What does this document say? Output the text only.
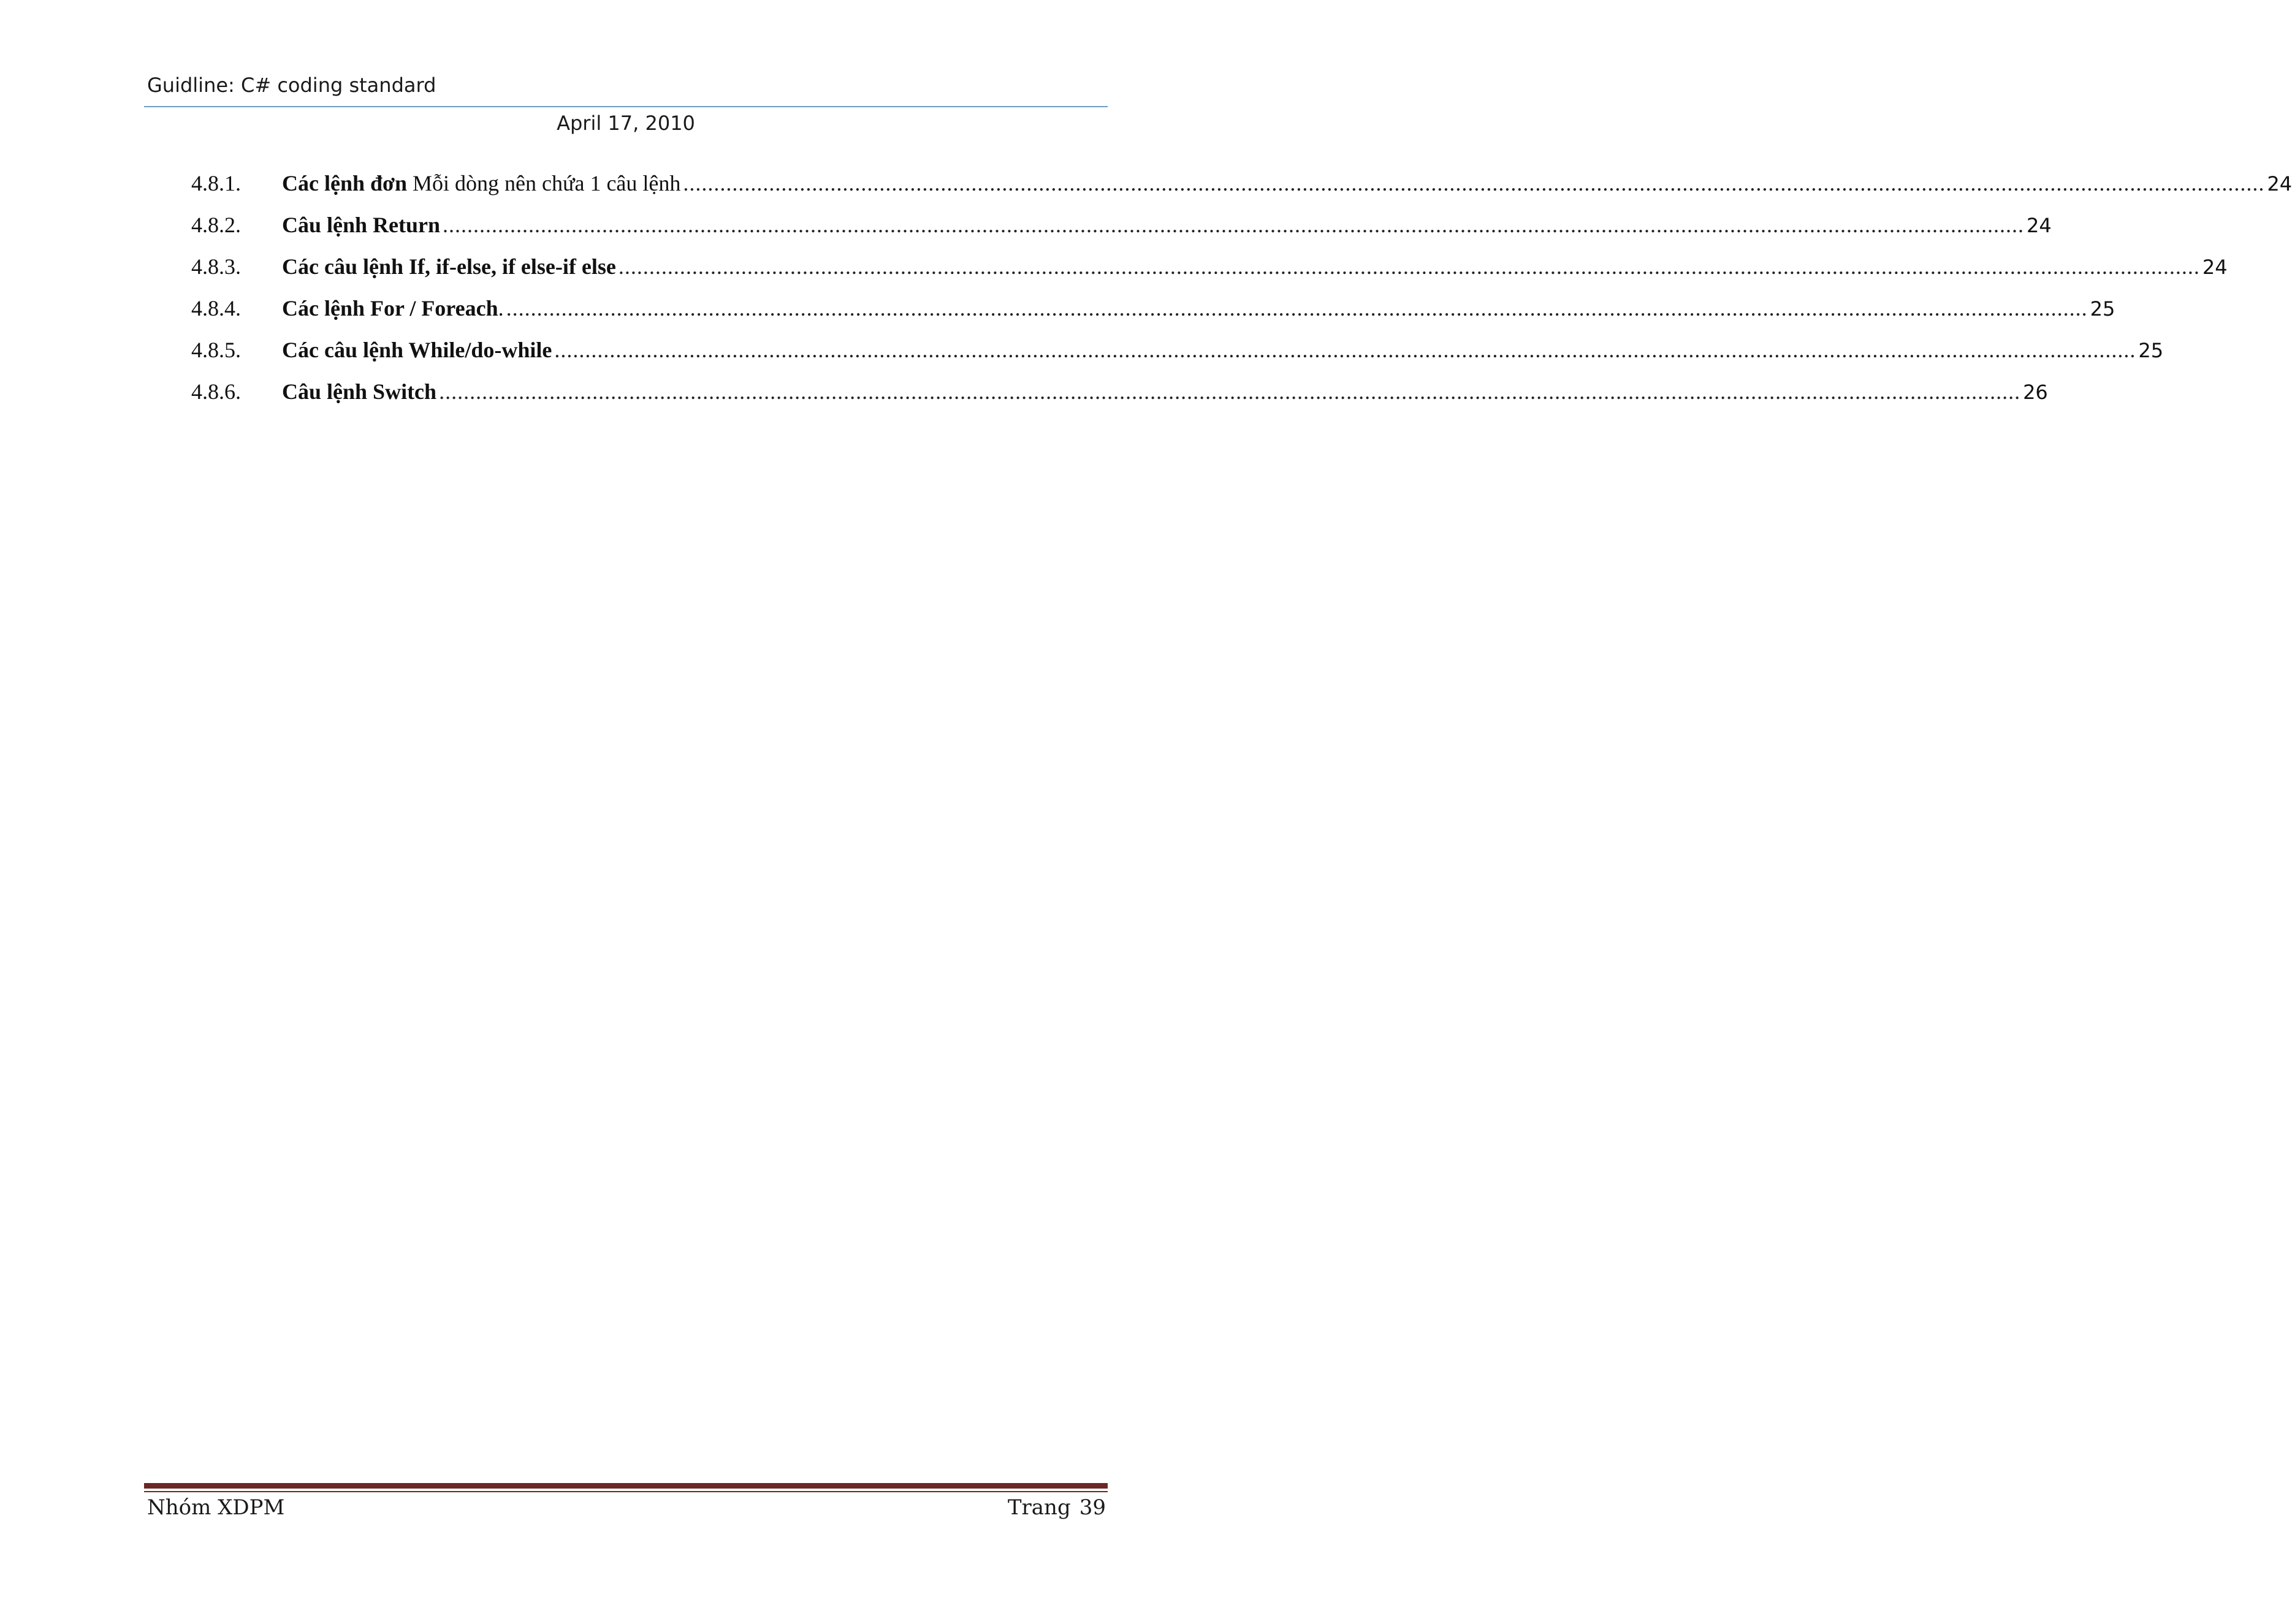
Guidline: C# coding standard
April 17, 2010
4.8.1.	Các lệnh đơn Mỗi dòng nên chứa 1 câu lệnh .................................................................................................................................................................................................................................................................. 24
4.8.2.	Câu lệnh Return .................................................................................................................................................................................................................................................................. 24
4.8.3.	Các câu lệnh If, if-else, if else-if else .................................................................................................................................................................................................................................................................. 24
4.8.4.	Các lệnh For / Foreach. .................................................................................................................................................................................................................................................................. 25
4.8.5.	Các câu lệnh While/do-while .................................................................................................................................................................................................................................................................. 25
4.8.6.	Câu lệnh Switch .................................................................................................................................................................................................................................................................. 26
Nhóm XDPM	Trang 39
